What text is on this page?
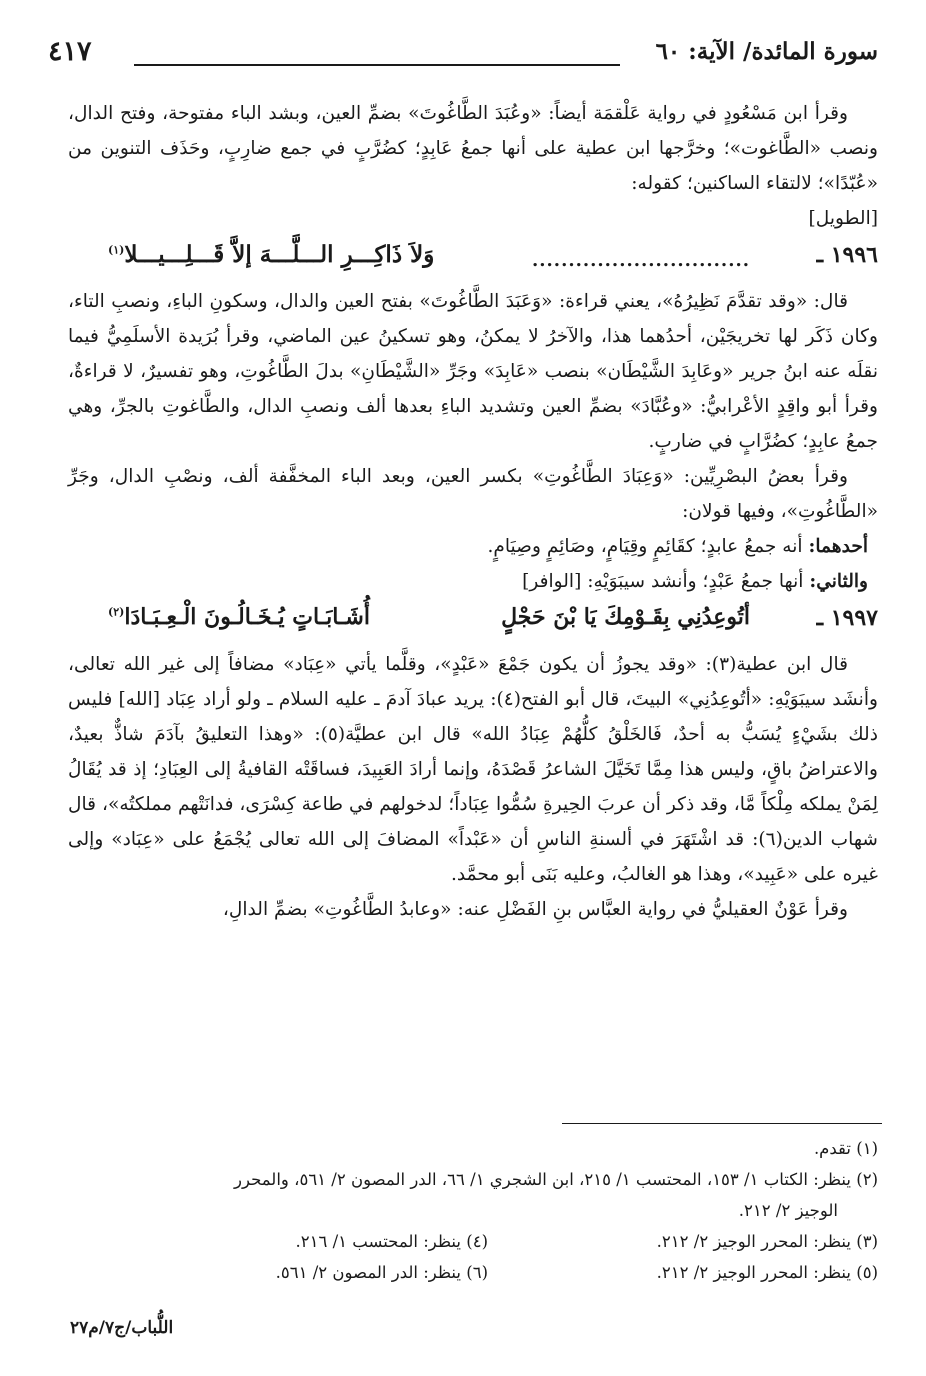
سورة المائدة/ الآية: ٦٠
٤١٧

وقرأ ابن مَسْعُودٍ في رواية عَلْقمَة أيضاً: «وعُبَدَ الطَّاغُوتَ» بضمِّ العين، وبشد الباء مفتوحة، وفتح الدال، ونصب «الطَّاغوت»؛ وخرَّجها ابن عطية على أنها جمعُ عَابِدٍ؛ كضُرَّبٍ في جمع ضارِبٍ، وحَذَف التنوين من «عُبّدًا»؛ لالتقاء الساكنين؛ كقوله:

[الطويل]

١٩٩٦ ـ
..............................
وَلاَ ذَاكِـــرِ الـــلَّـــهَ إلاَّ قَـــلِـــيـــلا$^{(١)}$

قال: «وقد تقدَّمَ نَظِيرُهُ»، يعني قراءة: «وَعَبَدَ الطَّاغُوتَ» بفتح العين والدال، وسكونِ الباءِ، ونصبِ التاء، وكان ذَكَر لها تخريجَيْن، أحدُهما هذا، والآخرُ لا يمكنُ، وهو تسكينُ عين الماضي، وقرأ بُرَيدة الأسلَمِيُّ فيما نقلَه عنه ابنُ جرير «وعَابِدَ الشَّيْطَان» بنصب «عَابِدَ» وجَرِّ «الشَّيْطَانِ» بدلَ الطَّاغُوتِ، وهو تفسيرٌ، لا قراءةٌ، وقرأ أبو واقِدٍ الأعْرابيُّ: «وعُبَّادَ» بضمِّ العين وتشديد الباءِ بعدها ألف ونصبِ الدال، والطَّاغوتِ بالجرِّ، وهي جمعُ عابِدٍ؛ كضُرَّابٍ في ضاربٍ.

وقرأ بعضُ البصْرِيِّين: «وَعِبَادَ الطَّاغُوتِ» بكسر العين، وبعد الباء المخفَّفة ألف، ونصْبِ الدال، وجَرِّ «الطَّاغُوتِ»، وفيها قولان:

أحدهما: أنه جمعُ عابدٍ؛ كقَائِمٍ وقِيَامٍ، وصَائِمٍ وصِيَامٍ.

والثاني: أنها جمعُ عَبْدٍ؛ وأنشد سيبَوَيْهِ: [الوافر]

١٩٩٧ ـ
أتُوعِدُنِي بِقَـوْمِكَ يَا بْنَ حَجْلٍ
أُشَـابَـاتٍ يُـخَـالُـونَ الْـعِـبَـادَا$^{(٢)}$

قال ابن عطية(٣): «وقد يجوزُ أن يكون جَمْعَ «عَبْدٍ»، وقلَّما يأتي «عِبَاد» مضافاً إلى غير الله تعالى، وأنشَد سيبَوَيْهِ: «أتُوعِدُنِي» البيتَ، قال أبو الفتح(٤): يريد عبادَ آدمَ ـ عليه السلام ـ ولو أراد عِبَاد [الله] فليس ذلك بشَيْءٍ يُسَبُّ به أحدٌ، فَالخَلْقُ كلُّهُمْ عِبَادُ الله» قال ابن عطيَّة(٥): «وهذا التعليقُ بآدَمَ شاذٌّ بعيدٌ، والاعتراضُ باقٍ، وليس هذا مِمَّا تَخَيَّلَ الشاعرُ قَصْدَهُ، وإنما أرادَ العَبِيدَ، فساقَتْه القافيةُ إلى العِبَادِ؛ إذ قد يُقَالُ لِمَنْ يملكه مِلْكاً مَّا، وقد ذكر أن عربَ الحِيرةِ سُمُّوا عِبَاداً؛ لدخولهم في طاعة كِسْرَى، فدانَتْهم مملكتُه»، قال شهاب الدين(٦): قد اشْتَهَرَ في ألسنةِ الناسِ أن «عَبْداً» المضافَ إلى الله تعالى يُجْمَعُ على «عِبَاد» وإلى غيره على «عَبِيد»، وهذا هو الغالبُ، وعليه بَنَى أبو محمَّد.

وقرأ عَوْنٌ العقيليُّ في رواية العبَّاس بنِ الفَضْلِ عنه: «وعابدُ الطَّاغُوتِ» بضمِّ الدالِ،

(١) تقدم.
(٢) ينظر: الكتاب ١/ ١٥٣، المحتسب ١/ ٢١٥، ابن الشجري ١/ ٦٦، الدر المصون ٢/ ٥٦١، والمحرر
الوجيز ٢/ ٢١٢.
(٣) ينظر: المحرر الوجيز ٢/ ٢١٢.
(٤) ينظر: المحتسب ١/ ٢١٦.
(٥) ينظر: المحرر الوجيز ٢/ ٢١٢.
(٦) ينظر: الدر المصون ٢/ ٥٦١.
اللُّباب/ج٧/م٢٧
